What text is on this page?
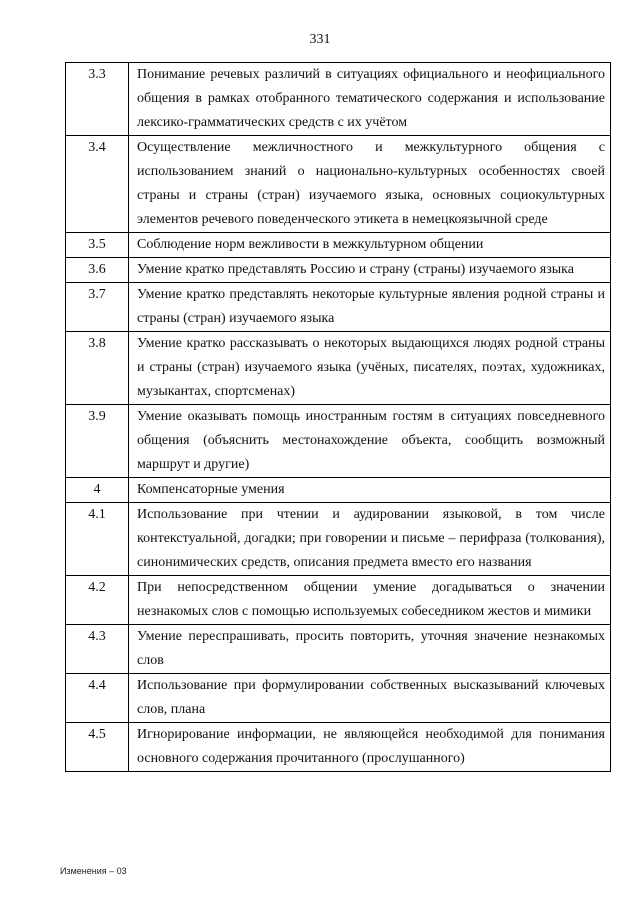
331
3.3	Понимание речевых различий в ситуациях официального и неофициального общения в рамках отобранного тематического содержания и использование лексико-грамматических средств с их учётом
3.4	Осуществление межличностного и межкультурного общения с использованием знаний о национально-культурных особенностях своей страны и страны (стран) изучаемого языка, основных социокультурных элементов речевого поведенческого этикета в немецкоязычной среде
3.5	Соблюдение норм вежливости в межкультурном общении
3.6	Умение кратко представлять Россию и страну (страны) изучаемого языка
3.7	Умение кратко представлять некоторые культурные явления родной страны и страны (стран) изучаемого языка
3.8	Умение кратко рассказывать о некоторых выдающихся людях родной страны и страны (стран) изучаемого языка (учёных, писателях, поэтах, художниках, музыкантах, спортсменах)
3.9	Умение оказывать помощь иностранным гостям в ситуациях повседневного общения (объяснить местонахождение объекта, сообщить возможный маршрут и другие)
4	Компенсаторные умения
4.1	Использование при чтении и аудировании языковой, в том числе контекстуальной, догадки; при говорении и письме – перифраза (толкования), синонимических средств, описания предмета вместо его названия
4.2	При непосредственном общении умение догадываться о значении незнакомых слов с помощью используемых собеседником жестов и мимики
4.3	Умение переспрашивать, просить повторить, уточняя значение незнакомых слов
4.4	Использование при формулировании собственных высказываний ключевых слов, плана
4.5	Игнорирование информации, не являющейся необходимой для понимания основного содержания прочитанного (прослушанного)
Изменения – 03
